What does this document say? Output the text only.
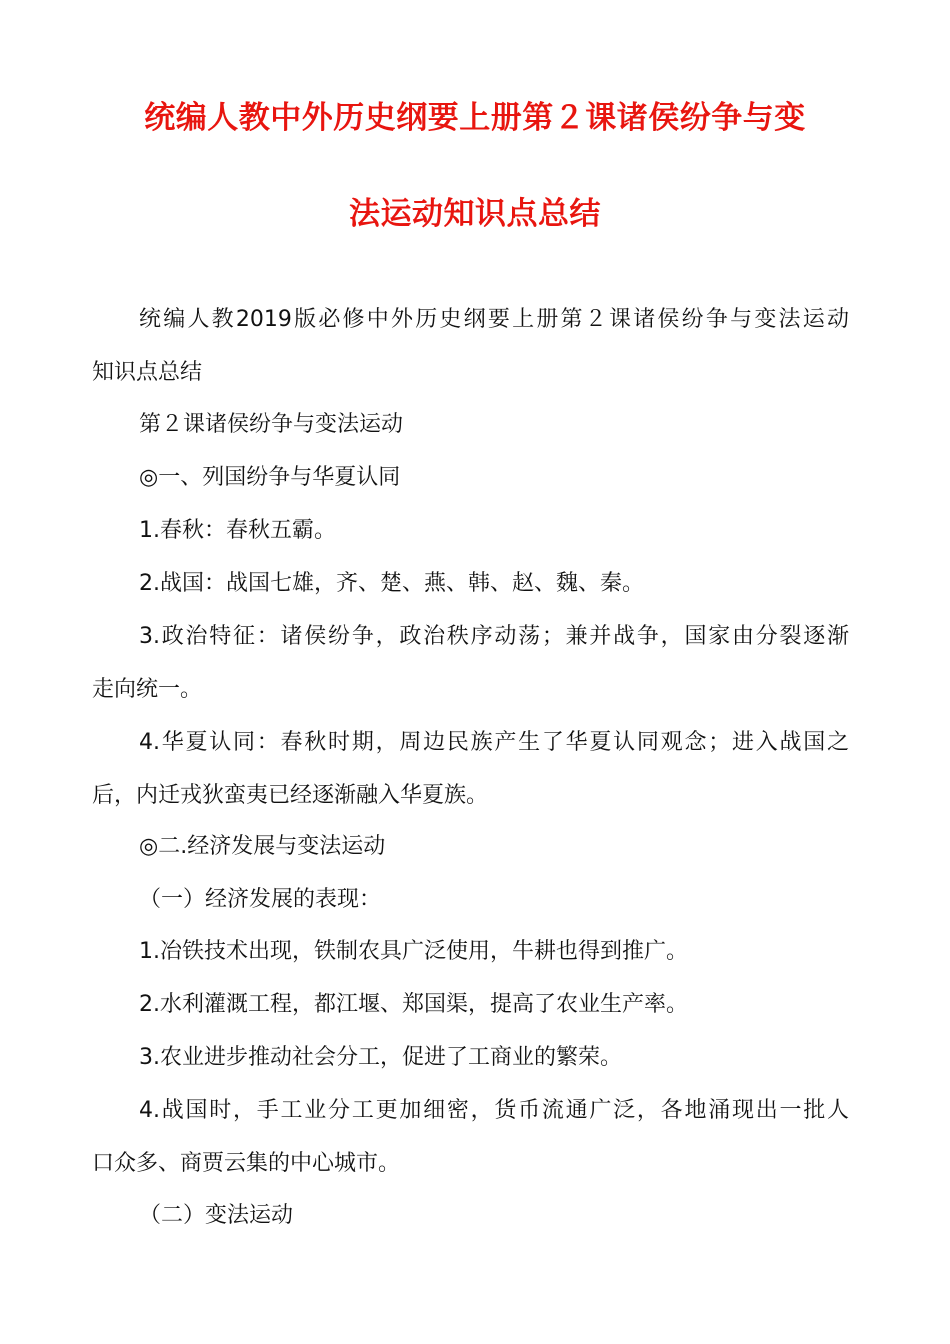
统编人教中外历史纲要上册第２课诸侯纷争与变
法运动知识点总结
统编人教2019版必修中外历史纲要上册第２课诸侯纷争与变法运动
知识点总结
第２课诸侯纷争与变法运动
◎一、列国纷争与华夏认同
1.春秋：春秋五霸。
2.战国：战国七雄，齐、楚、燕、韩、赵、魏、秦。
3.政治特征：诸侯纷争，政治秩序动荡；兼并战争，国家由分裂逐渐
走向统一。
4.华夏认同：春秋时期，周边民族产生了华夏认同观念；进入战国之
后，内迁戎狄蛮夷已经逐渐融入华夏族。
◎二.经济发展与变法运动
（一）经济发展的表现：
1.冶铁技术出现，铁制农具广泛使用，牛耕也得到推广。
2.水利灌溉工程，都江堰、郑国渠，提高了农业生产率。
3.农业进步推动社会分工，促进了工商业的繁荣。
4.战国时，手工业分工更加细密，货币流通广泛，各地涌现出一批人
口众多、商贾云集的中心城市。
（二）变法运动
